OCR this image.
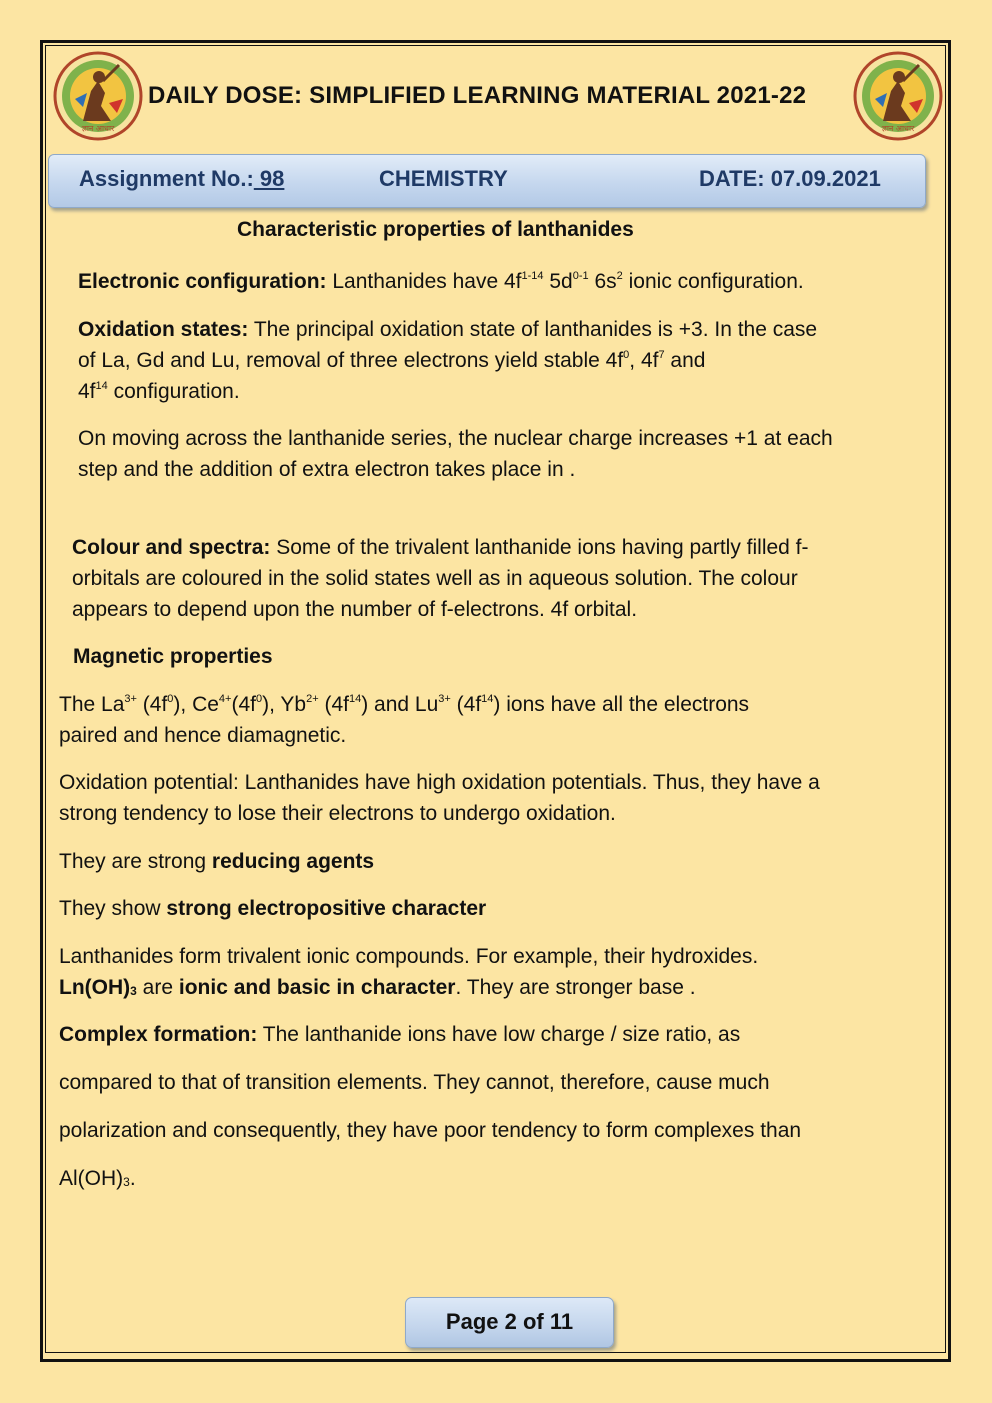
ज्ञान आधार	ज्ञान आधार
DAILY DOSE: SIMPLIFIED LEARNING MATERIAL 2021-22
Assignment No.: 98	CHEMISTRY	DATE: 07.09.2021
Characteristic properties of lanthanides
Electronic configuration: Lanthanides have $4f^{1-14}$ $5d^{0-1}$ $6s^2$ ionic configuration.
Oxidation states: The principal oxidation state of lanthanides is +3. In the case
of La, Gd and Lu, removal of three electrons yield stable $4f^0$, $4f^7$ and
$4f^{14}$ configuration.
On moving across the lanthanide series, the nuclear charge increases +1 at each
step and the addition of extra electron takes place in .
Colour and spectra: Some of the trivalent lanthanide ions having partly filled f-
orbitals are coloured in the solid states well as in aqueous solution. The colour
appears to depend upon the number of f-electrons. 4f orbital.
Magnetic properties
The $La^{3+}$ $(4f^0)$, $Ce^{4+}(4f^0)$, $Yb^{2+}$ $(4f^{14})$ and $Lu^{3+}$ $(4f^{14})$ ions have all the electrons
paired and hence diamagnetic.
Oxidation potential: Lanthanides have high oxidation potentials. Thus, they have a
strong tendency to lose their electrons to undergo oxidation.
They are strong reducing agents
They show strong electropositive character
Lanthanides form trivalent ionic compounds. For example, their hydroxides.
$Ln(OH)_3$ are ionic and basic in character. They are stronger base .
Complex formation: The lanthanide ions have low charge / size ratio, as
compared to that of transition elements. They cannot, therefore, cause much
polarization and consequently, they have poor tendency to form complexes than
$Al(OH)_3$.
Page 2 of 11
